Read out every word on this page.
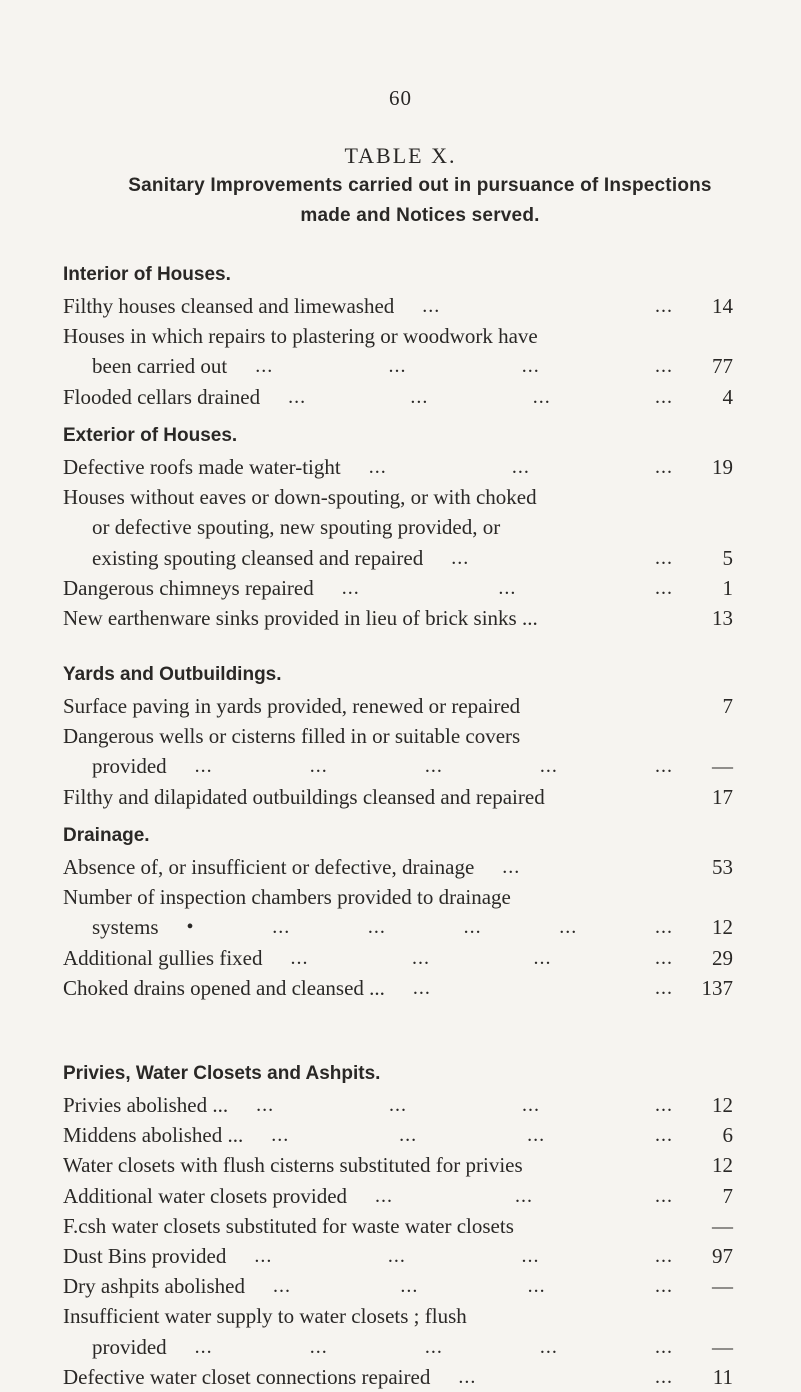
60
TABLE X.
Sanitary Improvements carried out in pursuance of Inspections
made and Notices served.
Interior of Houses.
Filthy houses cleansed and limewashed ...	...	14
Houses in which repairs to plastering or woodwork have
been carried out ...	...	...	...	77
Flooded cellars drained ...	...	...	...	4
Exterior of Houses.
Defective roofs made water-tight ...	...	...	19
Houses without eaves or down-spouting, or with choked
or defective spouting, new spouting provided, or
existing spouting cleansed and repaired ...	...	5
Dangerous chimneys repaired ...	...	...	1
New earthenware sinks provided in lieu of brick sinks ...	13
Yards and Outbuildings.
Surface paving in yards provided, renewed or repaired	7
Dangerous wells or cisterns filled in or suitable covers
provided ...	...	...	...	...	—
Filthy and dilapidated outbuildings cleansed and repaired	17
Drainage.
Absence of, or insufficient or defective, drainage ...	53
Number of inspection chambers provided to drainage
systems •	...	...	...	...	...	12
Additional gullies fixed ...	...	...	...	29
Choked drains opened and cleansed ... ...	...	137
Privies, Water Closets and Ashpits.
Privies abolished ... ...	...	...	...	12
Middens abolished ... ...	...	...	...	6
Water closets with flush cisterns substituted for privies	12
Additional water closets provided ...	...	...	7
F.csh water closets substituted for waste water closets	—
Dust Bins provided ...	...	...	...	97
Dry ashpits abolished ...	...	...	...	—
Insufficient water supply to water closets ; flush
provided ...	...	...	...	...	—
Defective water closet connections repaired ...	...	11
